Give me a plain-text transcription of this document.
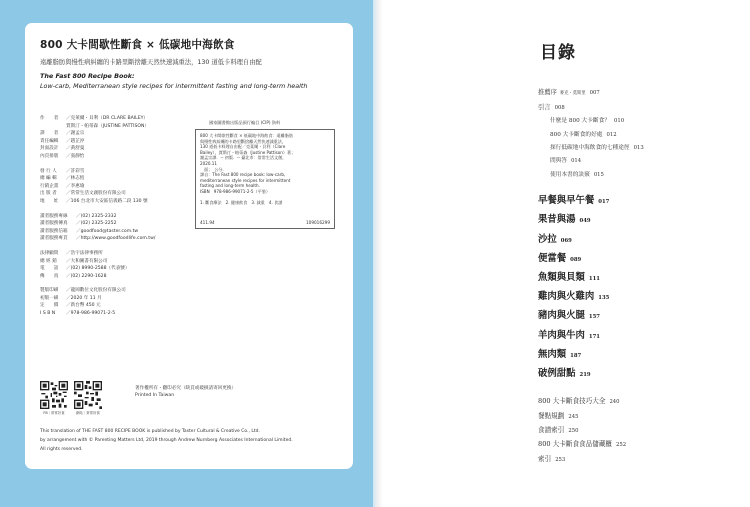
800 大卡間歇性斷食 × 低碳地中海飲食
遠離脂肪與慢性病糾纏的卡路里斷捨離天然快速減重法，130 道低卡料理自由配
The Fast 800 Recipe Book:
Low-carb, Mediterranean style recipes for intermittent fasting and long-term health
作　　者	／克萊爾・貝利（DR CLARE BAILEY）
賈斯汀・帕蒂森（JUSTINE PATTISON）
譯　　者	／謝孟宗
責任編輯	／趙芷渟
封面設計	／黃舒曼
內頁排版	／張靜怡
發 行 人	／許彩雪
總 編 輯	／林志恆
行銷企畫	／李惠瑜
出 版 者	／常常生活文創股份有限公司
地　　址	／106 台北市大安區信義路二段 130 號
讀者服務專線	／(02) 2325-2332
讀者服務傳真	／(02) 2325-2252
讀者服務信箱	／goodfood@taster.com.tw
讀者服務專頁	／http://www.goodfoodlife.com.tw/
法律顧問	／浩宇法律事務所
總 經 銷	／大和圖書有限公司
電　　話	／(02) 8990-2588（代表號）
傳　　真	／(02) 2290-1628
製版印刷	／龍岡數位文化股份有限公司
初版一刷	／2020 年 11 月
定　　價	／新台幣 450 元
I S B N	／978-986-99071-2-5
國家圖書館出版品預行編目 (CIP) 資料
800 大卡間歇性斷食 × 低碳地中海飲食：遠離脂肪
與慢性病糾纏的卡路里斷捨離天然快速減重法，
130 道低卡料理自由配／克萊爾・貝利（Clare
Bailey），賈斯汀・帕蒂森（Justine Pattison）著；
謝孟宗譯．-- 初版．-- 臺北市：常常生活文創，
2020.11
　面；　公分．
譯自：The Fast 800 recipe book: low-carb,
mediterranean style recipes for intermittent
fasting and long-term health.
ISBN　978-986-99071-2-5（平裝）

1. 斷食療法　2. 健康飲食　3. 減重　4. 食譜
411.94	109016299
FB｜常常好食	網站｜常常好食
著作權所有・翻印必究（缺頁或破損請寄回更換）
Printed In Taiwan
This translation of THE FAST 800 RECIPE BOOK is published by Taster Cultural & Creative Co., Ltd.
by arrangement with © Parenting Matters Ltd, 2019 through Andrew Nurnberg Associates International Limited.
All rights reserved.
目錄
推薦序 麥克・莫斯里 007
引言 008
什麼是 800 大卡斷食？ 010
800 大卡斷食的好處 012
探行低碳地中海飲食的七種途徑 013
問與答 014
使用本書的訣竅 015
早餐與早午餐 017
果昔與湯 049
沙拉 069
便當餐 089
魚類與貝類 111
雞肉與火雞肉 135
豬肉與火腿 157
羊肉與牛肉 171
無肉類 187
破例甜點 219
800 大卡斷食技巧大全 240
餐點規劃 245
食譜索引 250
800 大卡斷食食品儲藏櫃 252
索引 253
